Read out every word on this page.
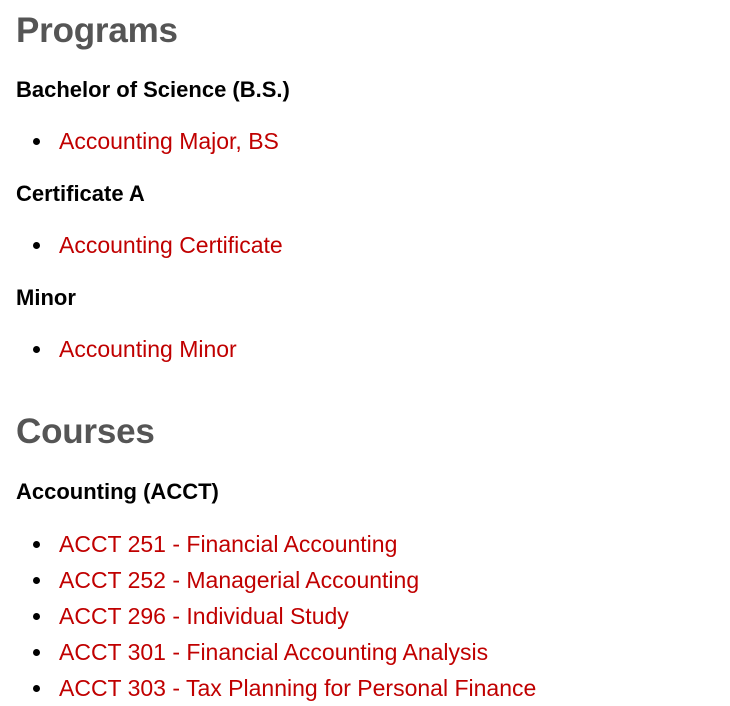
Programs
Bachelor of Science (B.S.)
Accounting Major, BS
Certificate A
Accounting Certificate
Minor
Accounting Minor
Courses
Accounting (ACCT)
ACCT 251 - Financial Accounting
ACCT 252 - Managerial Accounting
ACCT 296 - Individual Study
ACCT 301 - Financial Accounting Analysis
ACCT 303 - Tax Planning for Personal Finance
